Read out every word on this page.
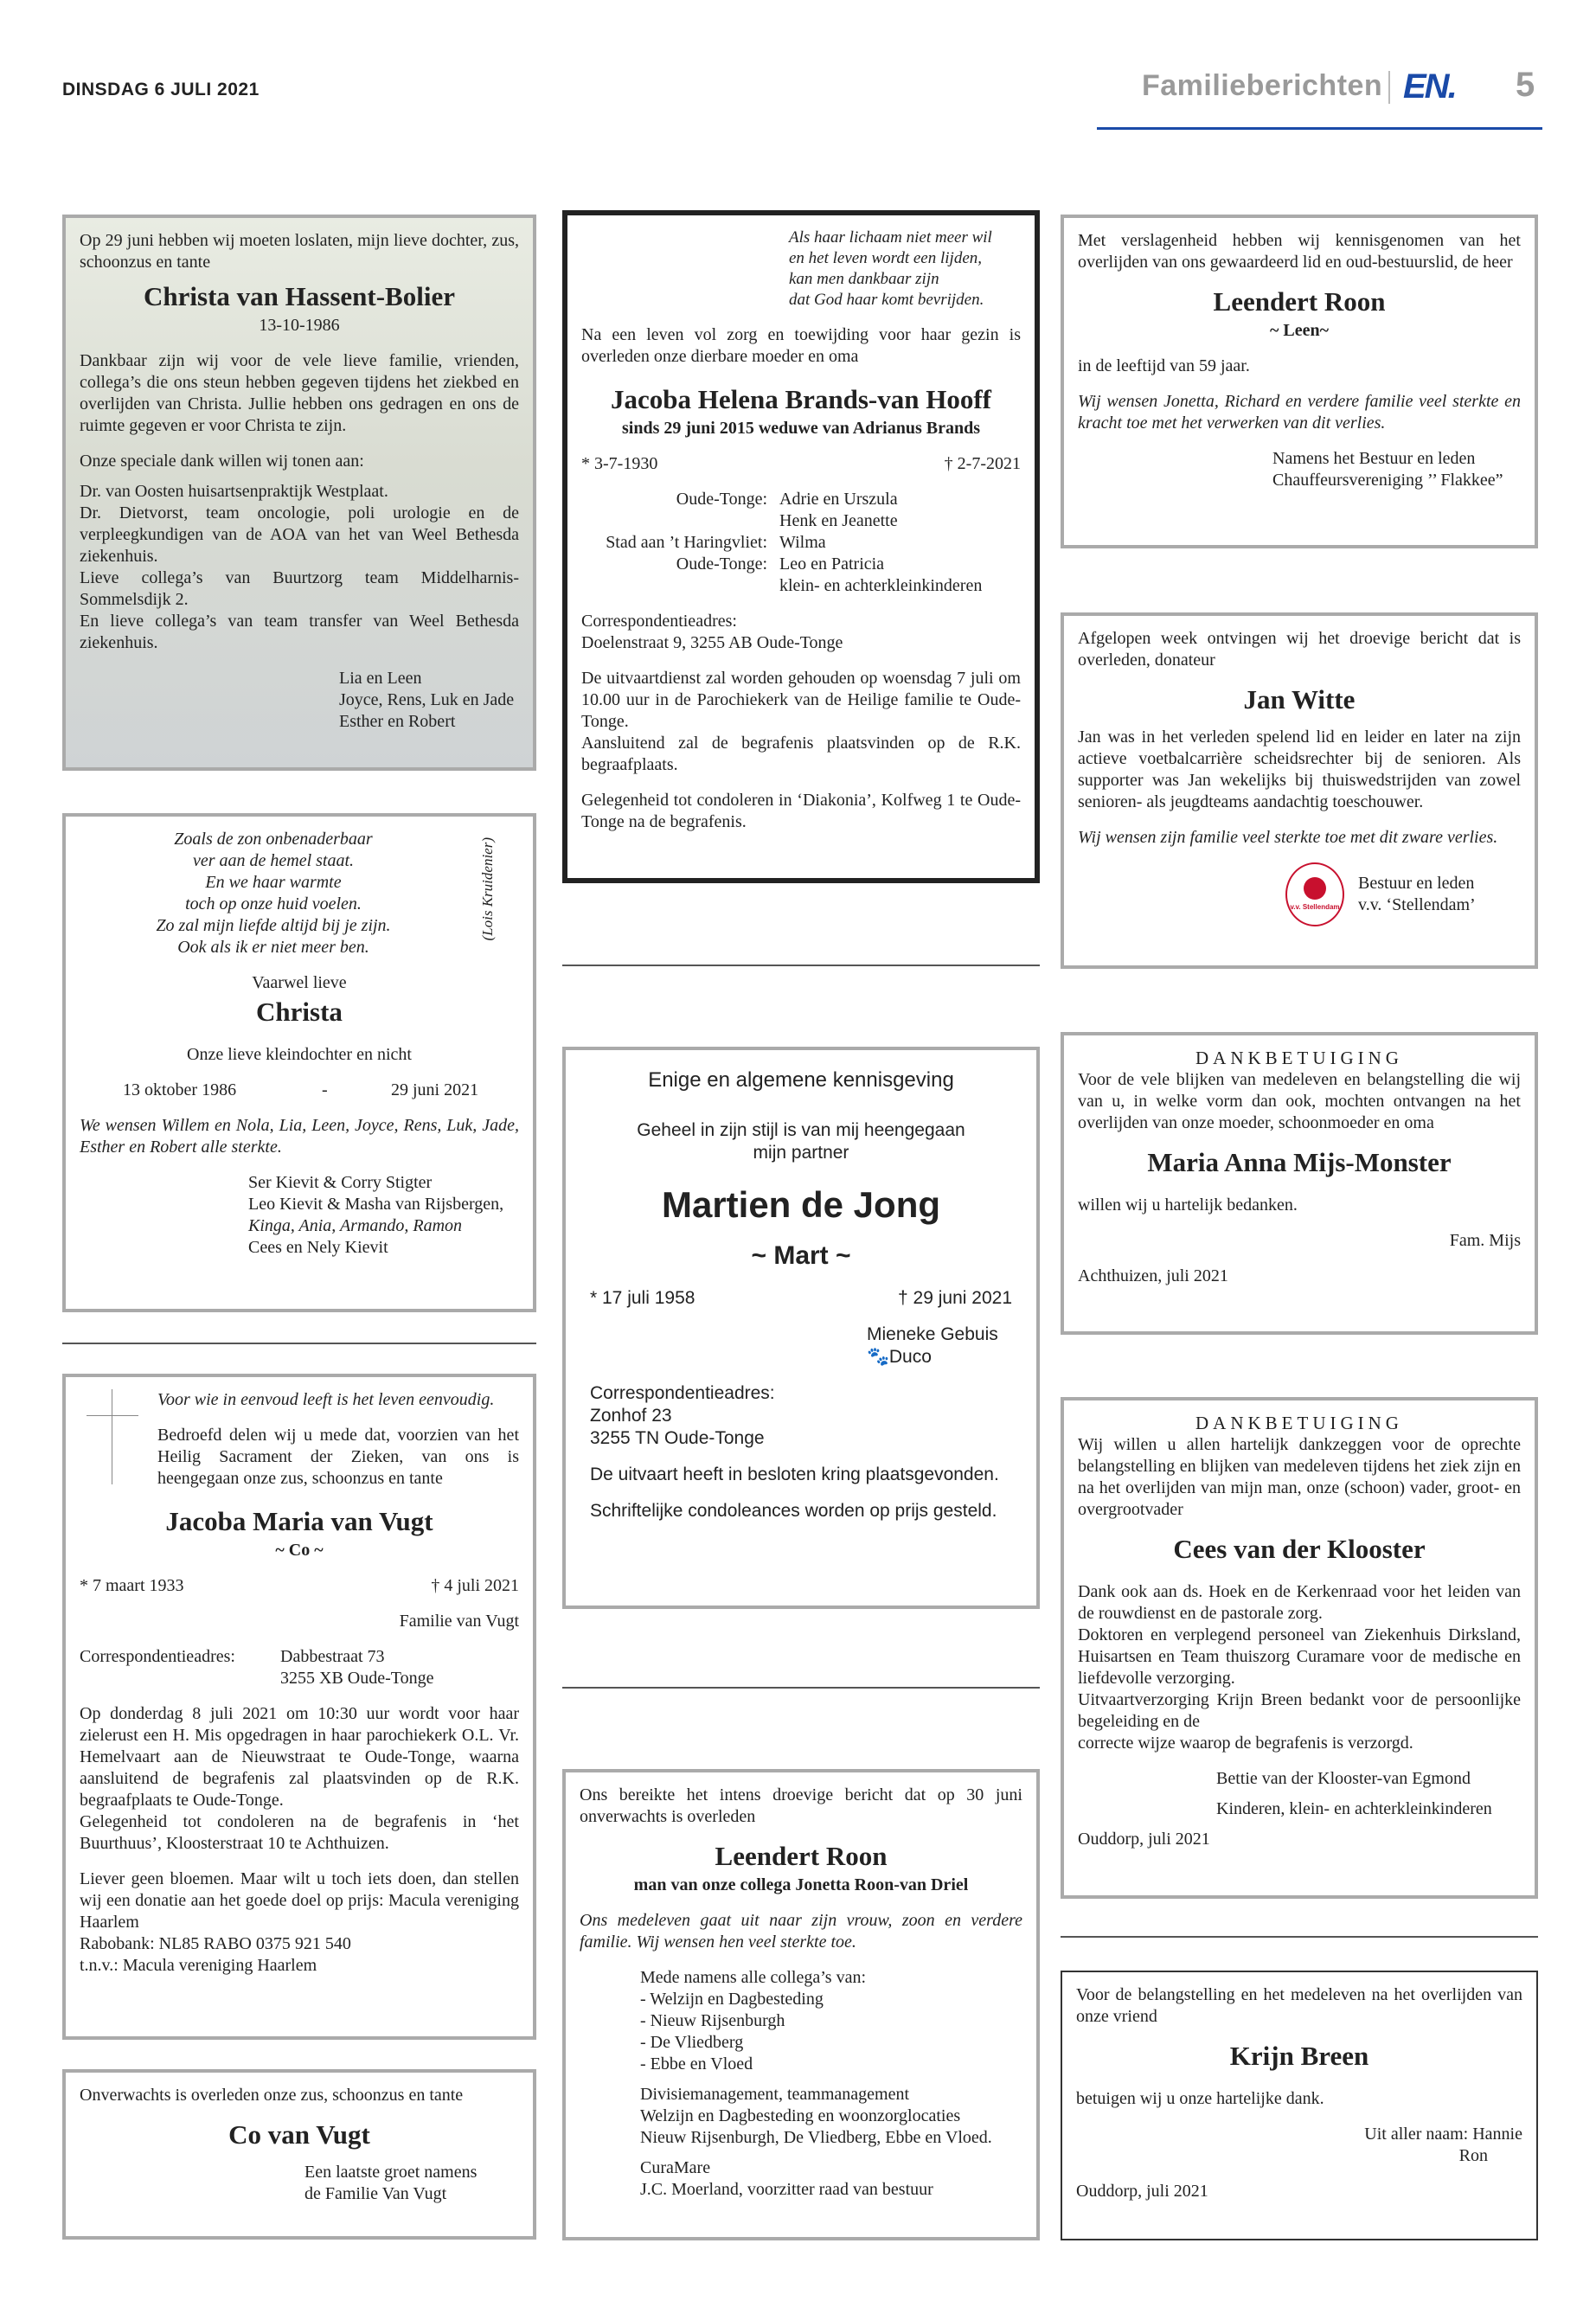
DINSDAG 6 JULI 2021	Familieberichten EN. 5

Op 29 juni hebben wij moeten loslaten, mijn lieve dochter, zus, schoonzus en tante

Christa van Hassent-Bolier

13-10-1986

Dankbaar zijn wij voor de vele lieve familie, vrienden, collega’s die ons steun hebben gegeven tijdens het ziekbed en overlijden van Christa. Jullie hebben ons gedragen en ons de ruimte gegeven er voor Christa te zijn.

Onze speciale dank willen wij tonen aan:

Dr. van Oosten huisartsenpraktijk Westplaat.
Dr. Dietvorst, team oncologie, poli urologie en de verpleegkundigen van de AOA van het van Weel Bethesda ziekenhuis.
Lieve collega’s van Buurtzorg team Middelharnis-Sommelsdijk 2.
En lieve collega’s van team transfer van Weel Bethesda ziekenhuis.

Lia en Leen
Joyce, Rens, Luk en Jade
Esther en Robert

Zoals de zon onbenaderbaar
ver aan de hemel staat.
En we haar warmte
toch op onze huid voelen.
Zo zal mijn liefde altijd bij je zijn.
Ook als ik er niet meer ben.

(Lois Kruidenier)

Vaarwel lieve

Christa

Onze lieve kleindochter en nicht

13 oktober 1986	-	29 juni 2021

We wensen Willem en Nola, Lia, Leen, Joyce, Rens, Luk, Jade, Esther en Robert alle sterkte.

Ser Kievit & Corry Stigter

Leo Kievit & Masha van Rijsbergen,

Kinga, Ania, Armando, Ramon

Cees en Nely Kievit

Voor wie in eenvoud leeft is het leven eenvoudig.

Bedroefd delen wij u mede dat, voorzien van het Heilig Sacrament der Zieken, van ons is heengegaan onze zus, schoonzus en tante

Jacoba Maria van Vugt

~ Co ~

* 7 maart 1933	† 4 juli 2021

Familie van Vugt

Correspondentieadres:	Dabbestraat 73

3255 XB Oude-Tonge

Op donderdag 8 juli 2021 om 10:30 uur wordt voor haar zielerust een H. Mis opgedragen in haar parochiekerk O.L. Vr. Hemelvaart aan de Nieuwstraat te Oude-Tonge, waarna aansluitend de begrafenis zal plaatsvinden op de R.K. begraafplaats te Oude-Tonge.
Gelegenheid tot condoleren na de begrafenis in ‘het Buurthuus’, Kloosterstraat 10 te Achthuizen.

Liever geen bloemen. Maar wilt u toch iets doen, dan stellen wij een donatie aan het goede doel op prijs: Macula vereniging Haarlem
Rabobank: NL85 RABO 0375 921 540
t.n.v.: Macula vereniging Haarlem

Onverwachts is overleden onze zus, schoonzus en tante

Co van Vugt

Een laatste groet namens
de Familie Van Vugt

Als haar lichaam niet meer wil
en het leven wordt een lijden,
kan men dankbaar zijn
dat God haar komt bevrijden.

Na een leven vol zorg en toewijding voor haar gezin is overleden onze dierbare moeder en oma

Jacoba Helena Brands-van Hooff

sinds 29 juni 2015 weduwe van Adrianus Brands

* 3-7-1930	† 2-7-2021
Oude-Tonge: Adrie en Urszula
Henk en Jeanette
Stad aan ’t Haringvliet: Wilma
Oude-Tonge: Leo en Patricia
klein- en achterkleinkinderen

Correspondentieadres:

Doelenstraat 9, 3255 AB Oude-Tonge

De uitvaartdienst zal worden gehouden op woensdag 7 juli om 10.00 uur in de Parochiekerk van de Heilige familie te Oude-Tonge.
Aansluitend zal de begrafenis plaatsvinden op de R.K. begraafplaats.

Gelegenheid tot condoleren in ‘Diakonia’, Kolfweg 1 te Oude-Tonge na de begrafenis.

Enige en algemene kennisgeving

Geheel in zijn stijl is van mij heengegaan
mijn partner

Martien de Jong

~ Mart ~

* 17 juli 1958	† 29 juni 2021

Mieneke Gebuis

🐾 Duco

Correspondentieadres:

Zonhof 23

3255 TN Oude-Tonge

De uitvaart heeft in besloten kring plaatsgevonden.

Schriftelijke condoleances worden op prijs gesteld.

Ons bereikte het intens droevige bericht dat op 30 juni onverwachts is overleden

Leendert Roon

man van onze collega Jonetta Roon-van Driel

Ons medeleven gaat uit naar zijn vrouw, zoon en verdere familie. Wij wensen hen veel sterkte toe.

Mede namens alle collega’s van:

- Welzijn en Dagbesteding

- Nieuw Rijsenburgh

- De Vliedberg

- Ebbe en Vloed

Divisiemanagement, teammanagement
Welzijn en Dagbesteding en woonzorglocaties
Nieuw Rijsenburgh, De Vliedberg, Ebbe en Vloed.

CuraMare
J.C. Moerland, voorzitter raad van bestuur

Met verslagenheid hebben wij kennisgenomen van het overlijden van ons gewaardeerd lid en oud-bestuurslid, de heer

Leendert Roon

~ Leen~

in de leeftijd van 59 jaar.

Wij wensen Jonetta, Richard en verdere familie veel sterkte en kracht toe met het verwerken van dit verlies.

Namens het Bestuur en leden
Chauffeursvereniging ’’ Flakkee”

Afgelopen week ontvingen wij het droevige bericht dat is overleden, donateur

Jan Witte

Jan was in het verleden spelend lid en leider en later na zijn actieve voetbalcarrière scheidsrechter bij de senioren. Als supporter was Jan wekelijks bij thuiswedstrijden van zowel senioren- als jeugdteams aandachtig toeschouwer.

Wij wensen zijn familie veel sterkte toe met dit zware verlies.

v.v. Stellendam

Bestuur en leden
v.v. ‘Stellendam’

DANKBETUIGING

Voor de vele blijken van medeleven en belangstelling die wij van u, in welke vorm dan ook, mochten ontvangen na het overlijden van onze moeder, schoonmoeder en oma

Maria Anna Mijs-Monster

willen wij u hartelijk bedanken.

Fam. Mijs

Achthuizen, juli 2021

DANKBETUIGING

Wij willen u allen hartelijk dankzeggen voor de oprechte belangstelling en blijken van medeleven tijdens het ziek zijn en na het overlijden van mijn man, onze (schoon) vader, groot- en overgrootvader

Cees van der Klooster

Dank ook aan ds. Hoek en de Kerkenraad voor het leiden van de rouwdienst en de pastorale zorg.
Doktoren en verplegend personeel van Ziekenhuis Dirksland, Huisartsen en Team thuiszorg Curamare voor de medische en liefdevolle verzorging.
Uitvaartverzorging Krijn Breen bedankt voor de persoonlijke begeleiding en de
correcte wijze waarop de begrafenis is verzorgd.

Bettie van der Klooster-van Egmond

Kinderen, klein- en achterkleinkinderen

Ouddorp, juli 2021

Voor de belangstelling en het medeleven na het overlijden van onze vriend

Krijn Breen

betuigen wij u onze hartelijke dank.

Uit aller naam: Hannie

Ron

Ouddorp, juli 2021
